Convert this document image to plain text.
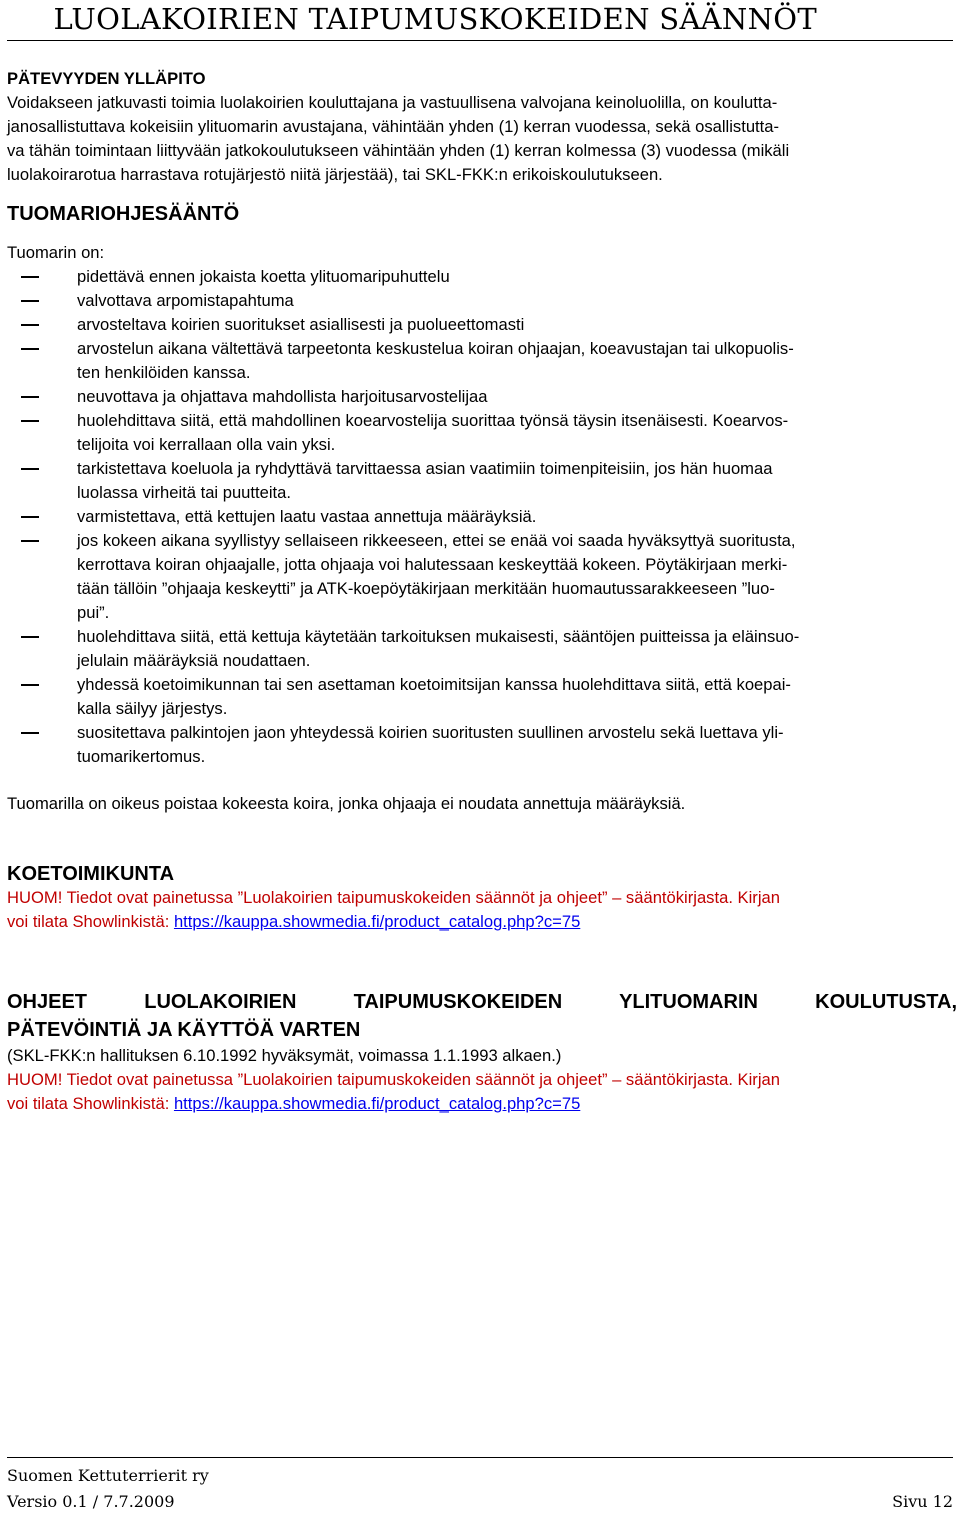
LUOLAKOIRIEN TAIPUMUSKOKEIDEN SÄÄNNÖT
PÄTEVYYDEN YLLÄPITO
Voidakseen jatkuvasti toimia luolakoirien kouluttajana ja vastuullisena valvojana keinoluolilla, on koulutta-
janosallistuttava kokeisiin ylituomarin avustajana, vähintään yhden (1) kerran vuodessa, sekä osallistutta-
va tähän toimintaan liittyvään jatkokoulutukseen vähintään yhden (1) kerran kolmessa (3) vuodessa (mikäli
luolakoirarotua harrastava rotujärjestö niitä järjestää), tai SKL-FKK:n erikoiskoulutukseen.
TUOMARIOHJESÄÄNTÖ
Tuomarin on:
pidettävä ennen jokaista koetta ylituomaripuhuttelu
valvottava arpomistapahtuma
arvosteltava koirien suoritukset asiallisesti ja puolueettomasti
arvostelun aikana vältettävä tarpeetonta keskustelua koiran ohjaajan, koeavustajan tai ulkopuolis-
ten henkilöiden kanssa.
neuvottava ja ohjattava mahdollista harjoitusarvostelijaa
huolehdittava siitä, että mahdollinen koearvostelija suorittaa työnsä täysin itsenäisesti. Koearvos-
telijoita voi kerrallaan olla vain yksi.
tarkistettava koeluola ja ryhdyttävä tarvittaessa asian vaatimiin toimenpiteisiin, jos hän huomaa
luolassa virheitä tai puutteita.
varmistettava, että kettujen laatu vastaa annettuja määräyksiä.
jos kokeen aikana syyllistyy sellaiseen rikkeeseen, ettei se enää voi saada hyväksyttyä suoritusta,
kerrottava koiran ohjaajalle, jotta ohjaaja voi halutessaan keskeyttää kokeen. Pöytäkirjaan merki-
tään tällöin ”ohjaaja keskeytti” ja ATK-koepöytäkirjaan merkitään huomautussarakkeeseen ”luo-
pui”.
huolehdittava siitä, että kettuja käytetään tarkoituksen mukaisesti, sääntöjen puitteissa ja eläinsuo-
jelulain määräyksiä noudattaen.
yhdessä koetoimikunnan tai sen asettaman koetoimitsijan kanssa huolehdittava siitä, että koepai-
kalla säilyy järjestys.
suositettava palkintojen jaon yhteydessä koirien suoritusten suullinen arvostelu sekä luettava yli-
tuomarikertomus.
Tuomarilla on oikeus poistaa kokeesta koira, jonka ohjaaja ei noudata annettuja määräyksiä.
KOETOIMIKUNTA
HUOM! Tiedot ovat painetussa ”Luolakoirien taipumuskokeiden säännöt ja ohjeet” – sääntökirjasta. Kirjan
voi tilata Showlinkistä: https://kauppa.showmedia.fi/product_catalog.php?c=75
OHJEET LUOLAKOIRIEN TAIPUMUSKOKEIDEN YLITUOMARIN KOULUTUSTA,
PÄTEVÖINTIÄ JA KÄYTTÖÄ VARTEN
(SKL-FKK:n hallituksen 6.10.1992 hyväksymät, voimassa 1.1.1993 alkaen.)
HUOM! Tiedot ovat painetussa ”Luolakoirien taipumuskokeiden säännöt ja ohjeet” – sääntökirjasta. Kirjan
voi tilata Showlinkistä: https://kauppa.showmedia.fi/product_catalog.php?c=75
Suomen Kettuterrierit ry
Versio 0.1 / 7.7.2009	Sivu 12
